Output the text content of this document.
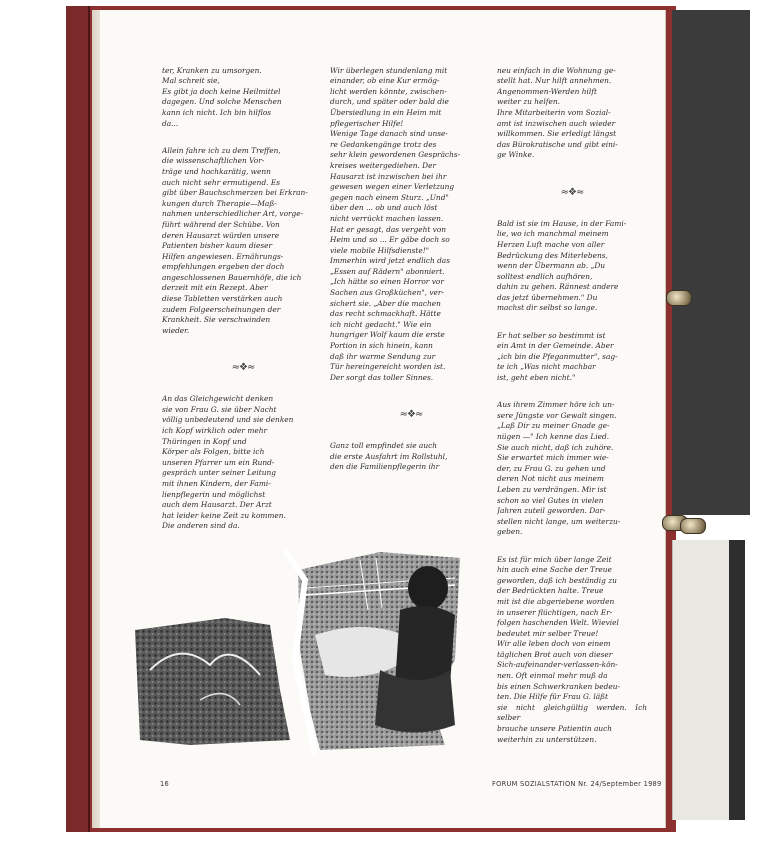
ter, Kranken zu umsorgen.
Mal schreit sie,
Es gibt ja doch keine Heilmittel
dagegen. Und solche Menschen
kann ich nicht. Ich bin hilflos
da...

Allein fahre ich zu dem Treffen,
die wissenschaftlichen Vor-
träge und hochkarätig, wenn
auch nicht sehr ermutigend. Es
gibt über Bauchschmerzen bei Erkran-
kungen durch Therapie—Maß-
nahmen unterschiedlicher Art, vorge-
führt während der Schübe. Von
deren Hausarzt würden unsere
Patienten bisher kaum dieser
Hilfen angewiesen. Ernährungs-
empfehlungen ergeben der doch
angeschlossenen Bauernhöfe, die ich
derzeit mit ein Rezept. Aber
diese Tabletten verstärken auch
zudem Folgeerscheinungen der
Krankheit. Sie verschwinden
wieder.

≈❖≈

An das Gleichgewicht denken
sie von Frau G. sie über Nacht
völlig unbedeutend und sie denken
ich Kopf wirklich oder mehr
Thüringen in Kopf und
Körper als Folgen, bitte ich
unseren Pfarrer um ein Rund-
gespräch unter seiner Leitung
mit ihnen Kindern, der Fami-
lienpflegerin und möglichst
auch dem Hausarzt. Der Arzt
hat leider keine Zeit zu kommen.
Die anderen sind da.

Wir überlegen stundenlang mit
einander, ob eine Kur ermög-
licht werden könnte, zwischen-
durch, und später oder bald die
Übersiedlung in ein Heim mit
pflegerischer Hilfe!
Wenige Tage danach sind unse-
re Gedankengänge trotz des
sehr klein gewordenen Gesprächs-
kreises weitergediehen. Der
Hausarzt ist inzwischen bei ihr
gewesen wegen einer Verletzung
gegen nach einem Sturz. „Und"
über den ... ob und auch löst
nicht verrückt machen lassen.
Hat er gesagt, das vergeht von
Heim und so ... Er gäbe doch so
viele mobile Hilfsdienste!"
Immerhin wird jetzt endlich das
„Essen auf Rädern" abonniert.
„Ich hätte so einen Horror vor
Sachen aus Großküchen", ver-
sichert sie. „Aber die machen
das recht schmackhaft. Hätte
ich nicht gedacht." Wie ein
hungriger Wolf kaum die erste
Portion in sich hinein, kann
daß ihr warme Sendung zur
Tür hereingereicht worden ist.
Der sorgt das toller Sinnes.

≈❖≈

Ganz toll empfindet sie auch
die erste Ausfahrt im Rollstuhl,
den die Familienpflegerin ihr

neu einfach in die Wohnung ge-
stellt hat. Nur hilft annehmen.
Angenommen-Werden hilft
weiter zu helfen.
Ihre Mitarbeiterin vom Sozial-
amt ist inzwischen auch wieder
willkommen. Sie erledigt längst
das Bürokratische und gibt eini-
ge Winke.

≈❖≈

Bald ist sie im Hause, in der Fami-
lie, wo ich manchmal meinem
Herzen Luft mache von aller
Bedrückung des Miterlebens,
wenn der Übermann ab. „Du
solltest endlich aufhören,
dahin zu gehen. Rännest andere
das jetzt übernehmen." Du
machst dir selbst so lange.

Er hat selber so bestimmt ist
ein Amt in der Gemeinde. Aber
„ich bin die Pfeganmutter", sag-
te ich „Was nicht machbar
ist, geht eben nicht."

Aus ihrem Zimmer höre ich un-
sere Jüngste vor Gewalt singen.
„Laß Dir zu meiner Gnade ge-
nügen —" Ich kenne das Lied.
Sie auch nicht, daß ich zuhöre.
Sie erwartet mich immer wie-
der, zu Frau G. zu gehen und
deren Not nicht aus meinem
Leben zu verdrängen. Mir ist
schon so viel Gutes in vielen
Jahren zuteil geworden. Dar-
stellen nicht lange, um weiterzu-
geben.

Es ist für mich über lange Zeit
hin auch eine Sache der Treue
geworden, daß ich beständig zu
der Bedrückten halte. Treue
mit ist die abgeriebene worden
in unserer flüchtigen, nach Er-
folgen haschenden Welt. Wieviel
bedeutet mir selber Treue!
Wir alle leben doch von einem
täglichen Brot auch von dieser
Sich-aufeinander-verlassen-kön-
nen. Oft einmal mehr muß da
bis einen Schwerkranken bedeu-
ten. Die Hilfe für Frau G. läßt
sie nicht gleichgültig werden. Ich selber
brauche unsere Patientin auch
weiterhin zu unterstützen.

16	FORUM SOZIALSTATION Nr. 24/September 1989
